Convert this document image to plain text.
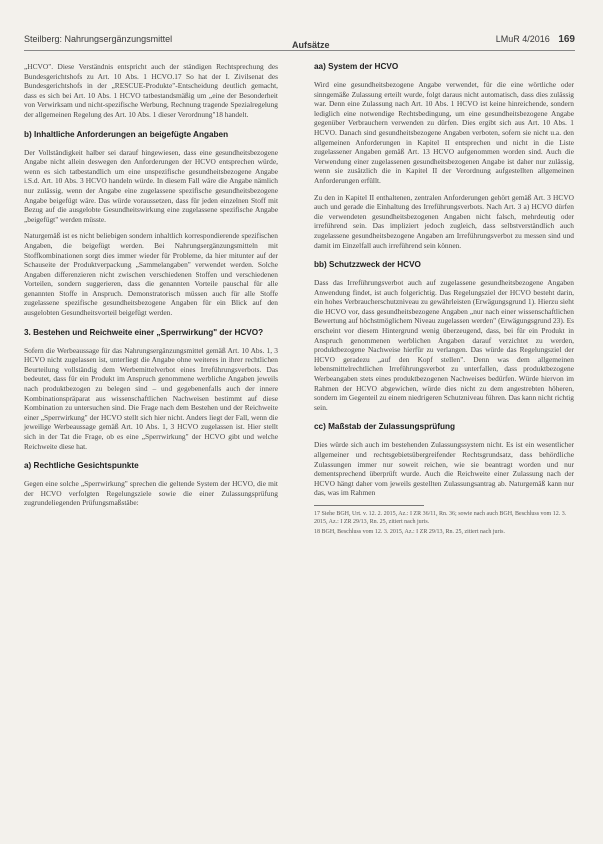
Steilberg: Nahrungsergänzungsmittel
Aufsätze
LMuR 4/2016 169

„HCVO". Diese Verständnis entspricht auch der ständigen Rechtsprechung des Bundesgerichtshofs zu Art. 10 Abs. 1 HCVO.17 So hat der I. Zivilsenat des Bundesgerichtshofs in der „RESCUE-Produkte"-Entscheidung deutlich gemacht, dass es sich bei Art. 10 Abs. 1 HCVO tatbestandsmäßig um „eine der Besonderheit von Verwirksam und nicht-spezifische Werbung, Rechnung tragende Spezialregelung der allgemeinen Regelung des Art. 10 Abs. 1 dieser Verordnung"18 handelt.

b) Inhaltliche Anforderungen an beigefügte Angaben

Der Vollständigkeit halber sei darauf hingewiesen, dass eine gesundheitsbezogene Angabe nicht allein deswegen den Anforderungen der HCVO entsprechen würde, wenn es sich tatbestandlich um eine unspezifische gesundheitsbezogene Angabe i.S.d. Art. 10 Abs. 3 HCVO handeln würde. In diesem Fall wäre die Angabe nämlich nur zulässig, wenn der Angabe eine zugelassene spezifische gesundheitsbezogene Angabe beigefügt wäre. Das würde voraussetzen, dass für jeden einzelnen Stoff mit Bezug auf die ausgelobte Gesundheitswirkung eine zugelassene spezifische Angabe „beigefügt" werden müsste.

Naturgemäß ist es nicht beliebigen sondern inhaltlich korrespondierende spezifischen Angaben, die beigefügt werden. Bei Nahrungsergänzungsmitteln mit Stoffkombinationen sorgt dies immer wieder für Probleme, da hier mitunter auf der Schauseite der Produktverpackung „Sammelangaben" verwendet werden. Solche Angaben differenzieren nicht zwischen verschiedenen Stoffen und verschiedenen Vorteilen, sondern suggerieren, dass die genannten Vorteile pauschal für alle genannten Stoffe in Anspruch. Demonstratorisch müssen auch für alle Stoffe zugelassene spezifische gesundheitsbezogene Angaben für ein Blick auf den ausgelobten Gesundheitsvorteil beigefügt werden.

3. Bestehen und Reichweite einer „Sperrwirkung" der HCVO?

Sofern die Werbeaussage für das Nahrungsergänzungsmittel gemäß Art. 10 Abs. 1, 3 HCVO nicht zugelassen ist, unterliegt die Angabe ohne weiteres in ihrer rechtlichen Beurteilung vollständig dem Werbemittelverbot eines Irreführungsverbots. Das bedeutet, dass für ein Produkt im Anspruch genommene werbliche Angaben jeweils nach produktbezogen zu belegen sind – und gegebenenfalls auch der innere Kombinationspräparat aus wissenschaftlichen Nachweisen bestimmt auf diese Kombination zu untersuchen sind. Die Frage nach dem Bestehen und der Reichweite einer „Sperrwirkung" der HCVO stellt sich hier nicht. Anders liegt der Fall, wenn die jeweilige Werbeaussage gemäß Art. 10 Abs. 1, 3 HCVO zugelassen ist. Hier stellt sich in der Tat die Frage, ob es eine „Sperrwirkung" der HCVO gibt und welche Reichweite diese hat.

a) Rechtliche Gesichtspunkte

Gegen eine solche „Sperrwirkung" sprechen die geltende System der HCVO, die mit der HCVO verfolgten Regelungsziele sowie die einer Zulassungsprüfung zugrundeliegenden Prüfungsmaßstäbe:

aa) System der HCVO

Wird eine gesundheitsbezogene Angabe verwendet, für die eine wörtliche oder sinngemäße Zulassung erteilt wurde, folgt daraus nicht automatisch, dass dies zulässig war. Denn eine Zulassung nach Art. 10 Abs. 1 HCVO ist keine hinreichende, sondern lediglich eine notwendige Rechtsbedingung, um eine gesundheitsbezogene Angabe gegenüber Verbrauchern verwenden zu dürfen. Dies ergibt sich aus Art. 10 Abs. 1 HCVO. Danach sind gesundheitsbezogene Angaben verboten, sofern sie nicht u.a. den allgemeinen Anforderungen in Kapitel II entsprechen und nicht in die Liste zugelassener Angaben gemäß Art. 13 HCVO aufgenommen worden sind. Auch die Verwendung einer zugelassenen gesundheitsbezogenen Angabe ist daher nur zulässig, wenn sie zusätzlich die in Kapitel II der Verordnung aufgestellten allgemeinen Anforderungen erfüllt.

Zu den in Kapitel II enthaltenen, zentralen Anforderungen gehört gemäß Art. 3 HCVO auch und gerade die Einhaltung des Irreführungsverbots. Nach Art. 3 a) HCVO dürfen die verwendeten gesundheitsbezogenen Angaben nicht falsch, mehrdeutig oder irreführend sein. Das impliziert jedoch zugleich, dass selbstverständlich auch zugelassene gesundheitsbezogene Angaben am Irreführungsverbot zu messen sind und damit im Einzelfall auch irreführend sein können.

bb) Schutzzweck der HCVO

Dass das Irreführungsverbot auch auf zugelassene gesundheitsbezogene Angaben Anwendung findet, ist auch folgerichtig. Das Regelungsziel der HCVO besteht darin, ein hohes Verbraucherschutzniveau zu gewährleisten (Erwägungsgrund 1). Hierzu sieht die HCVO vor, dass gesundheitsbezogene Angaben „nur nach einer wissenschaftlichen Bewertung auf höchstmöglichem Niveau zugelassen werden" (Erwägungsgrund 23). Es erscheint vor diesem Hintergrund wenig überzeugend, dass, bei für ein Produkt in Anspruch genommenen werblichen Angaben darauf verzichtet zu werden, produktbezogene Nachweise hierfür zu verlangen. Das würde das Regelungsziel der HCVO geradezu „auf den Kopf stellen". Denn was dem allgemeinen lebensmittelrechtlichen Irreführungsverbot zu unterfallen, dass produktbezogene Werbeangaben stets eines produktbezogenen Nachweises bedürfen. Würde hiervon im Rahmen der HCVO abgewichen, würde dies nicht zu dem angestrebten höheren, sondern im Gegenteil zu einem niedrigeren Schutzniveau führen. Das kann nicht richtig sein.

cc) Maßstab der Zulassungsprüfung

Dies würde sich auch im bestehenden Zulassungssystem nicht. Es ist ein wesentlicher allgemeiner und rechtsgebietsübergreifender Rechtsgrundsatz, dass behördliche Zulassungen immer nur soweit reichen, wie sie beantragt worden und nur dementsprechend überprüft wurde. Auch die Reichweite einer Zulassung nach der HCVO hängt daher vom jeweils gestellten Zulassungsantrag ab. Naturgemäß kann nur das, was im Rahmen

17 Siehe BGH, Urt. v. 12. 2. 2015, Az.: I ZR 36/11, Rn. 36; sowie nach auch BGH, Beschluss vom 12. 3. 2015, Az.: I ZR 29/13, Rn. 25, zitiert nach juris.

18 BGH, Beschluss vom 12. 3. 2015, Az.: I ZR 29/13, Rn. 25, zitiert nach juris.
